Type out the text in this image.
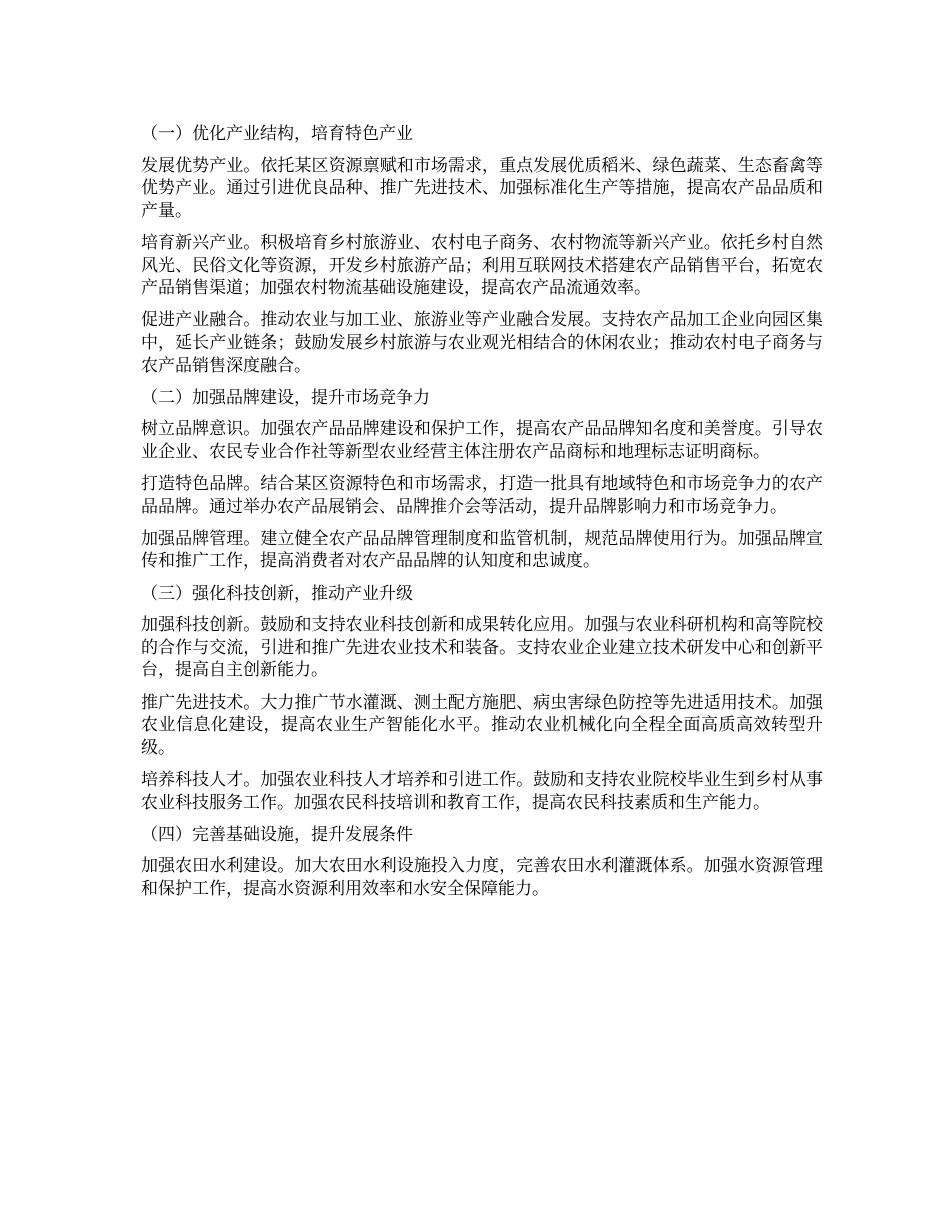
（一）优化产业结构，培育特色产业

发展优势产业。依托某区资源禀赋和市场需求，重点发展优质稻米、绿色蔬菜、生态畜禽等优势产业。通过引进优良品种、推广先进技术、加强标准化生产等措施，提高农产品品质和产量。

培育新兴产业。积极培育乡村旅游业、农村电子商务、农村物流等新兴产业。依托乡村自然风光、民俗文化等资源，开发乡村旅游产品；利用互联网技术搭建农产品销售平台，拓宽农产品销售渠道；加强农村物流基础设施建设，提高农产品流通效率。

促进产业融合。推动农业与加工业、旅游业等产业融合发展。支持农产品加工企业向园区集中，延长产业链条；鼓励发展乡村旅游与农业观光相结合的休闲农业；推动农村电子商务与农产品销售深度融合。

（二）加强品牌建设，提升市场竞争力

树立品牌意识。加强农产品品牌建设和保护工作，提高农产品品牌知名度和美誉度。引导农业企业、农民专业合作社等新型农业经营主体注册农产品商标和地理标志证明商标。

打造特色品牌。结合某区资源特色和市场需求，打造一批具有地域特色和市场竞争力的农产品品牌。通过举办农产品展销会、品牌推介会等活动，提升品牌影响力和市场竞争力。

加强品牌管理。建立健全农产品品牌管理制度和监管机制，规范品牌使用行为。加强品牌宣传和推广工作，提高消费者对农产品品牌的认知度和忠诚度。

（三）强化科技创新，推动产业升级

加强科技创新。鼓励和支持农业科技创新和成果转化应用。加强与农业科研机构和高等院校的合作与交流，引进和推广先进农业技术和装备。支持农业企业建立技术研发中心和创新平台，提高自主创新能力。

推广先进技术。大力推广节水灌溉、测土配方施肥、病虫害绿色防控等先进适用技术。加强农业信息化建设，提高农业生产智能化水平。推动农业机械化向全程全面高质高效转型升级。

培养科技人才。加强农业科技人才培养和引进工作。鼓励和支持农业院校毕业生到乡村从事农业科技服务工作。加强农民科技培训和教育工作，提高农民科技素质和生产能力。

（四）完善基础设施，提升发展条件

加强农田水利建设。加大农田水利设施投入力度，完善农田水利灌溉体系。加强水资源管理和保护工作，提高水资源利用效率和水安全保障能力。
